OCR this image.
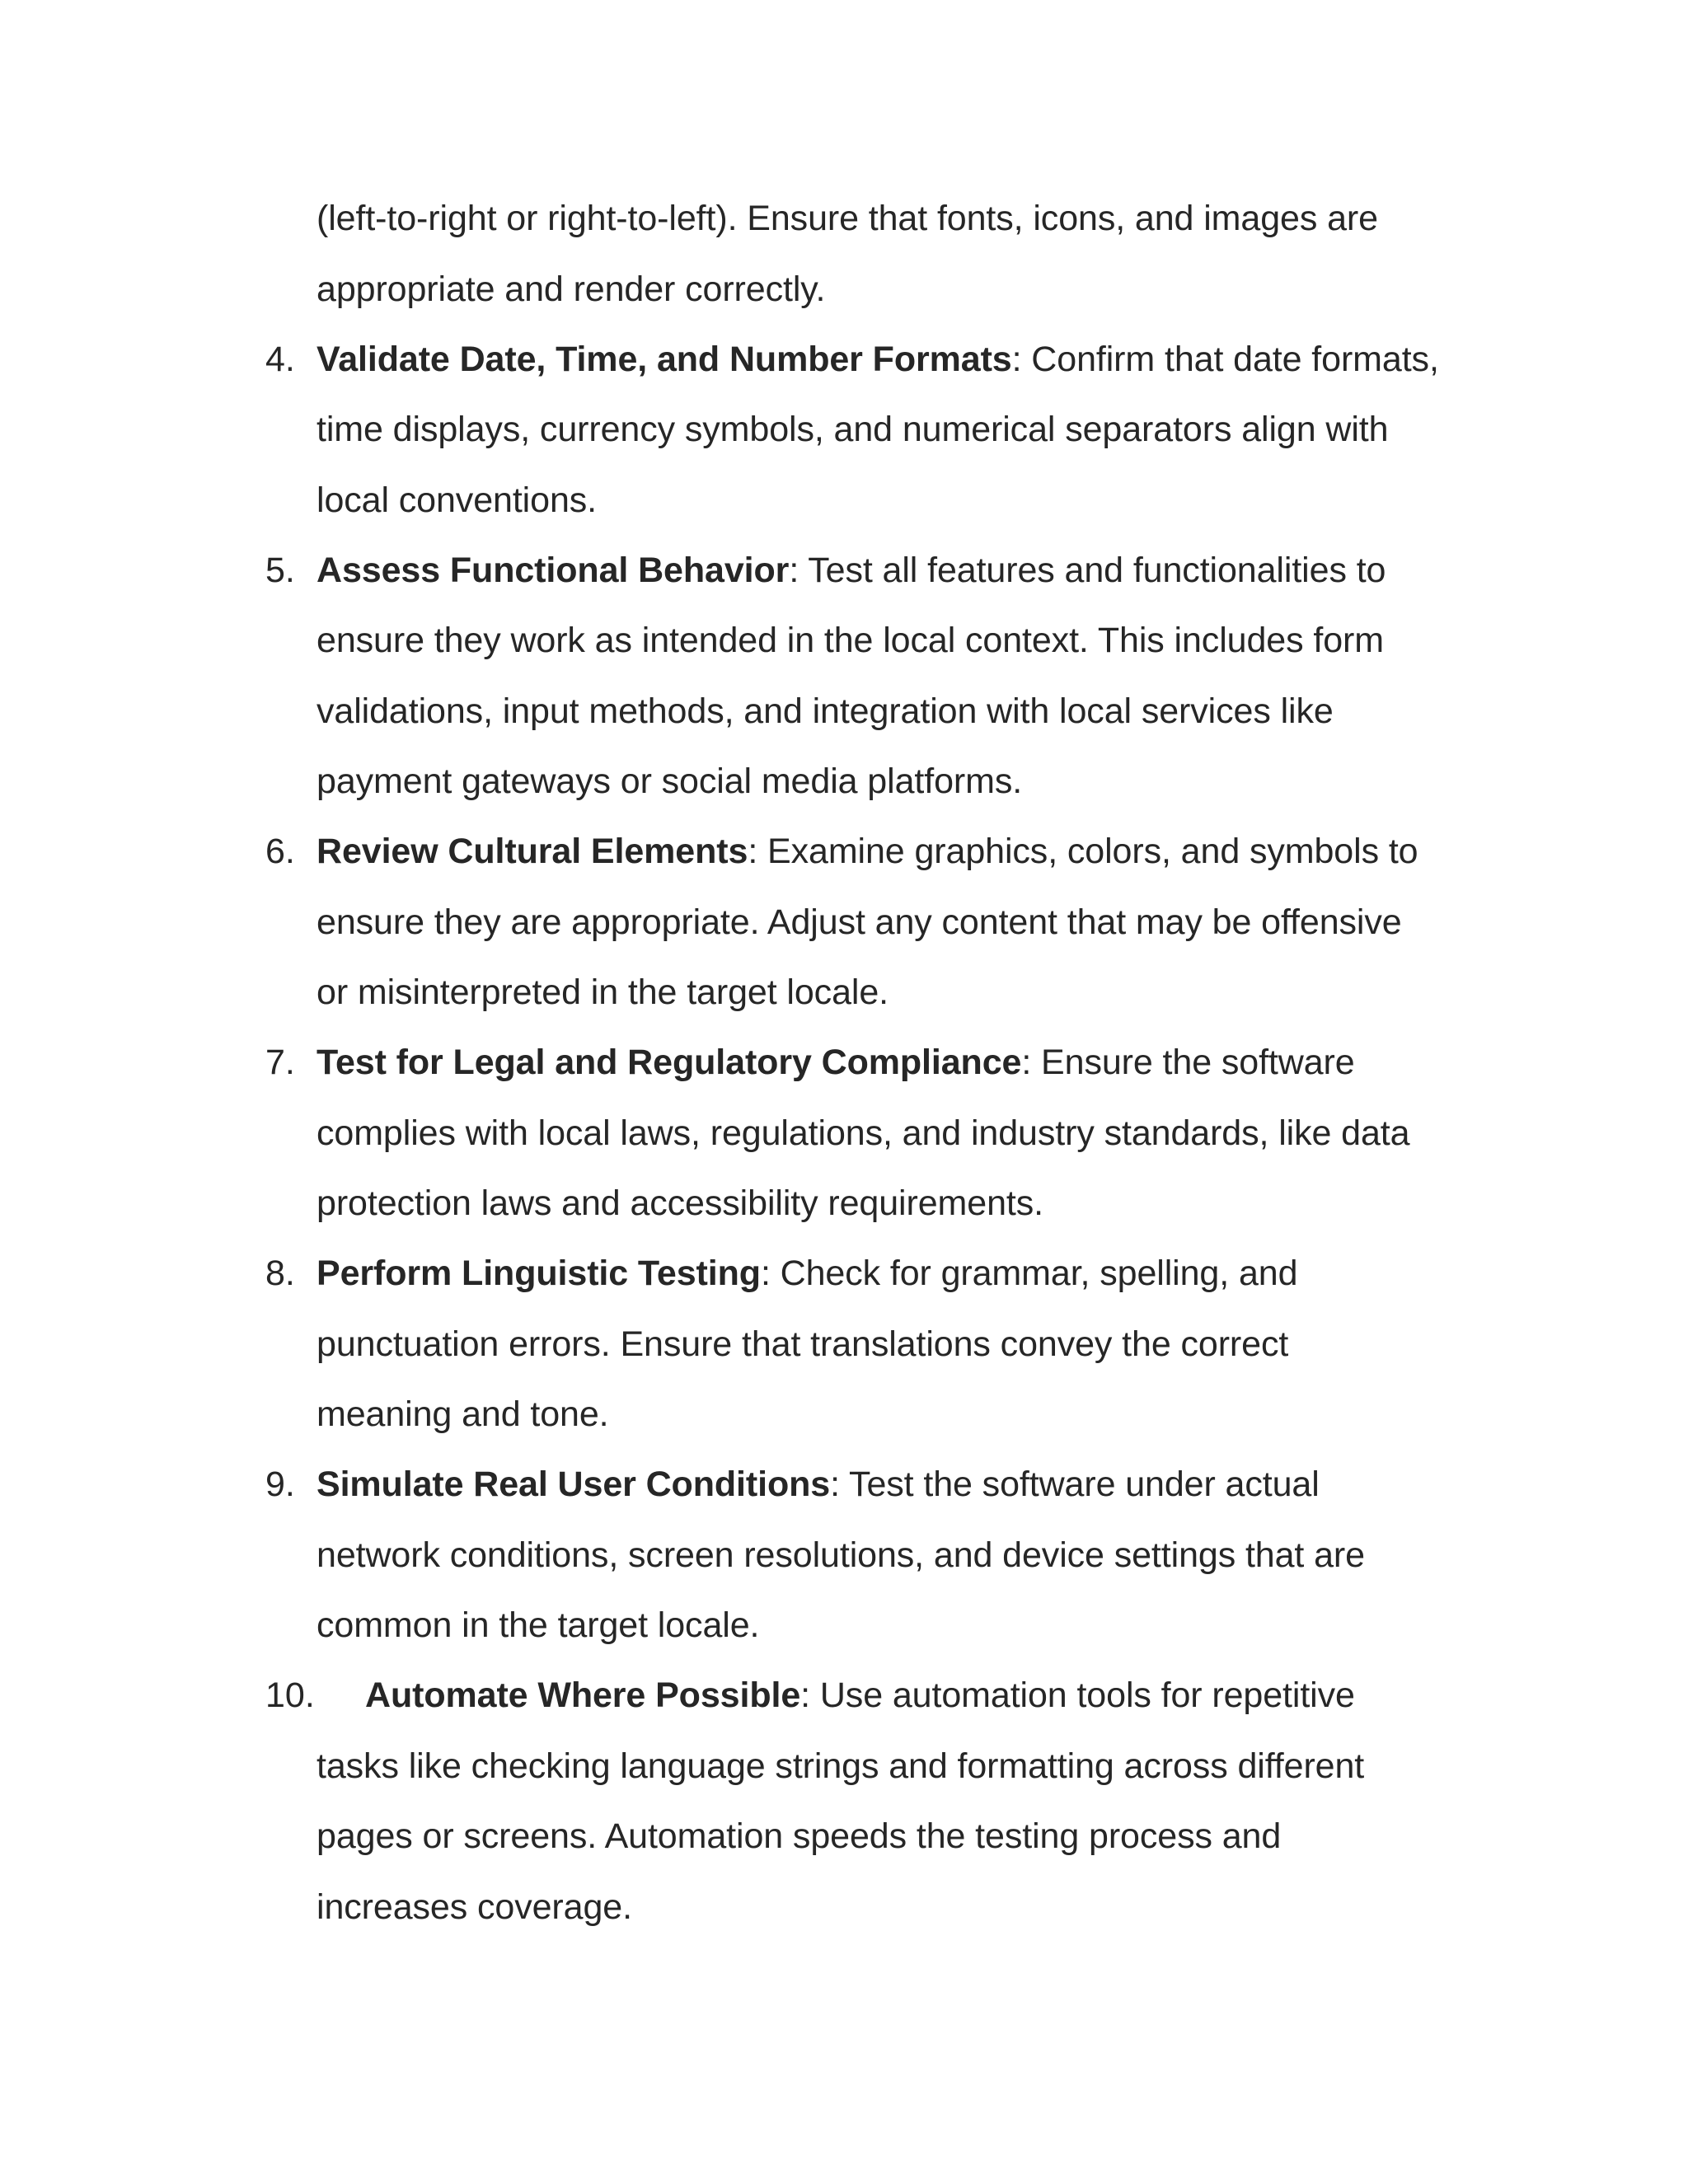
(left-to-right or right-to-left). Ensure that fonts, icons, and images are
appropriate and render correctly.
4. Validate Date, Time, and Number Formats: Confirm that date formats,
time displays, currency symbols, and numerical separators align with
local conventions.
5. Assess Functional Behavior: Test all features and functionalities to
ensure they work as intended in the local context. This includes form
validations, input methods, and integration with local services like
payment gateways or social media platforms.
6. Review Cultural Elements: Examine graphics, colors, and symbols to
ensure they are appropriate. Adjust any content that may be offensive
or misinterpreted in the target locale.
7. Test for Legal and Regulatory Compliance: Ensure the software
complies with local laws, regulations, and industry standards, like data
protection laws and accessibility requirements.
8. Perform Linguistic Testing: Check for grammar, spelling, and
punctuation errors. Ensure that translations convey the correct
meaning and tone.
9. Simulate Real User Conditions: Test the software under actual
network conditions, screen resolutions, and device settings that are
common in the target locale.
10. Automate Where Possible: Use automation tools for repetitive
tasks like checking language strings and formatting across different
pages or screens. Automation speeds the testing process and
increases coverage.
